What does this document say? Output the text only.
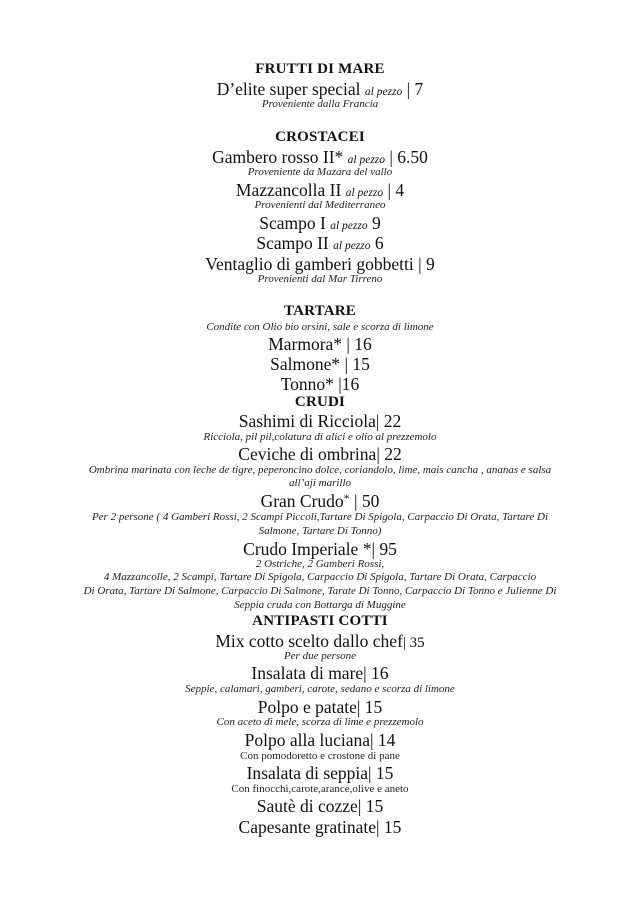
FRUTTI DI MARE
D’elite super special al pezzo | 7
Proveniente dalla Francia
CROSTACEI
Gambero rosso II* al pezzo | 6.50
Proveniente da Mazara del vallo
Mazzancolla II al pezzo | 4
Provenienti dal Mediterraneo
Scampo I al pezzo 9
Scampo II al pezzo 6
Ventaglio di gamberi gobbetti | 9
Provenienti dal Mar Tirreno
TARTARE
Condite con Olio bio orsini, sale e scorza di limone
Marmora* | 16
Salmone* | 15
Tonno* |16
CRUDI
Sashimi di Ricciola| 22
Ricciola, pil pil,colatura di alici e olio al prezzemolo
Ceviche di ombrina| 22
Ombrina marinata con leche de tigre, peperoncino dolce, coriandolo, lime, mais cancha , ananas e salsa
all’aji marillo
Gran Crudo* | 50
Per 2 persone ( 4 Gamberi Rossi, 2 Scampi Piccoli,Tartare Di Spigola, Carpaccio Di Orata, Tartare Di
Salmone, Tartare Di Tonno)
Crudo Imperiale *| 95
2 Ostriche, 2 Gamberi Rossi,
4 Mazzancolle, 2 Scampi, Tartare Di Spigola, Carpaccio Di Spigola, Tartare Di Orata, Carpaccio
Di Orata, Tartare Di Salmone, Carpaccio Di Salmone, Tarate Di Tonno, Carpaccio Di Tonno e Julienne Di
Seppia cruda con Bottarga di Muggine
ANTIPASTI COTTI
Mix cotto scelto dallo chef| 35
Per due persone
Insalata di mare| 16
Seppie, calamari, gamberi, carote, sedano e scorza di limone
Polpo e patate| 15
Con aceto di mele, scorza di lime e prezzemolo
Polpo alla luciana| 14
Con pomodoretto e crostone di pane
Insalata di seppia| 15
Con finocchi,carote,arance,olive e aneto
Sautè di cozze| 15
Capesante gratinate| 15
